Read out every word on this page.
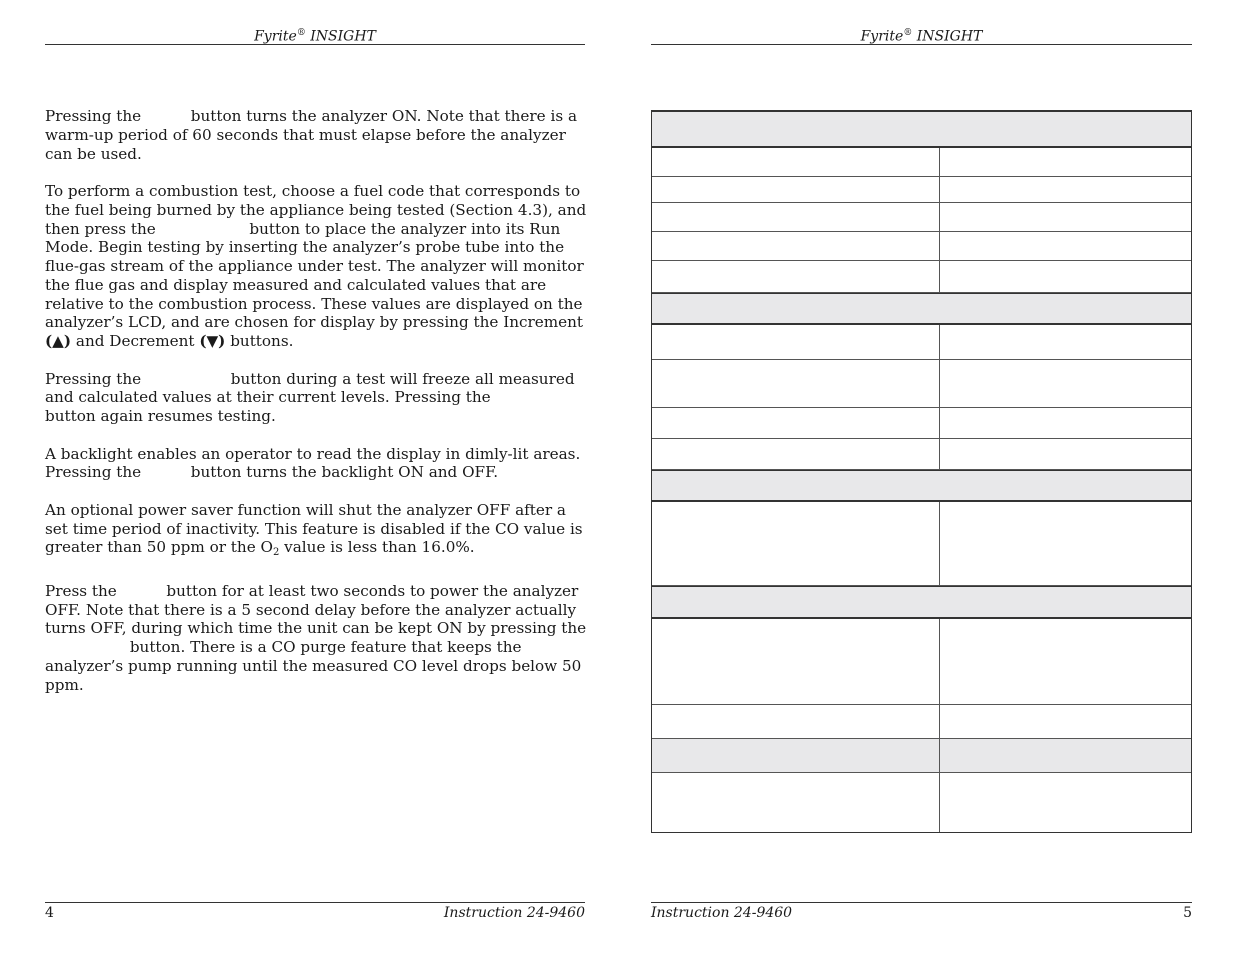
Fyrite® INSIGHT

Pressing the	button turns the analyzer ON. Note that there is a warm-up period of 60 seconds that must elapse before the analyzer can be used.

To perform a combustion test, choose a fuel code that corresponds to the fuel being burned by the appliance being tested (Section 4.3), and then press the	button to place the analyzer into its Run Mode. Begin testing by inserting the analyzer’s probe tube into the flue-gas stream of the appliance under test. The analyzer will monitor the flue gas and display measured and calculated values that are relative to the combustion process. These values are displayed on the analyzer’s LCD, and are chosen for display by pressing the Increment (▲) and Decrement (▼) buttons.

Pressing the	button during a test will freeze all measured and calculated values at their current levels. Pressing the  button again resumes testing.

A backlight enables an operator to read the display in dimly-lit areas. Pressing the	button turns the backlight ON and OFF.

An optional power saver function will shut the analyzer OFF after a set time period of inactivity. This feature is disabled if the CO value is greater than 50 ppm or the $O_2$ value is less than 16.0%.

Press the	button for at least two seconds to power the analyzer OFF. Note that there is a 5 second delay before the analyzer actually turns OFF, during which time the unit can be kept ON by pressing the  button. There is a CO purge feature that keeps the analyzer’s pump running until the measured CO level drops below 50 ppm.

4	Instruction 24-9460
Fyrite® INSIGHT
Instruction 24-9460	5
